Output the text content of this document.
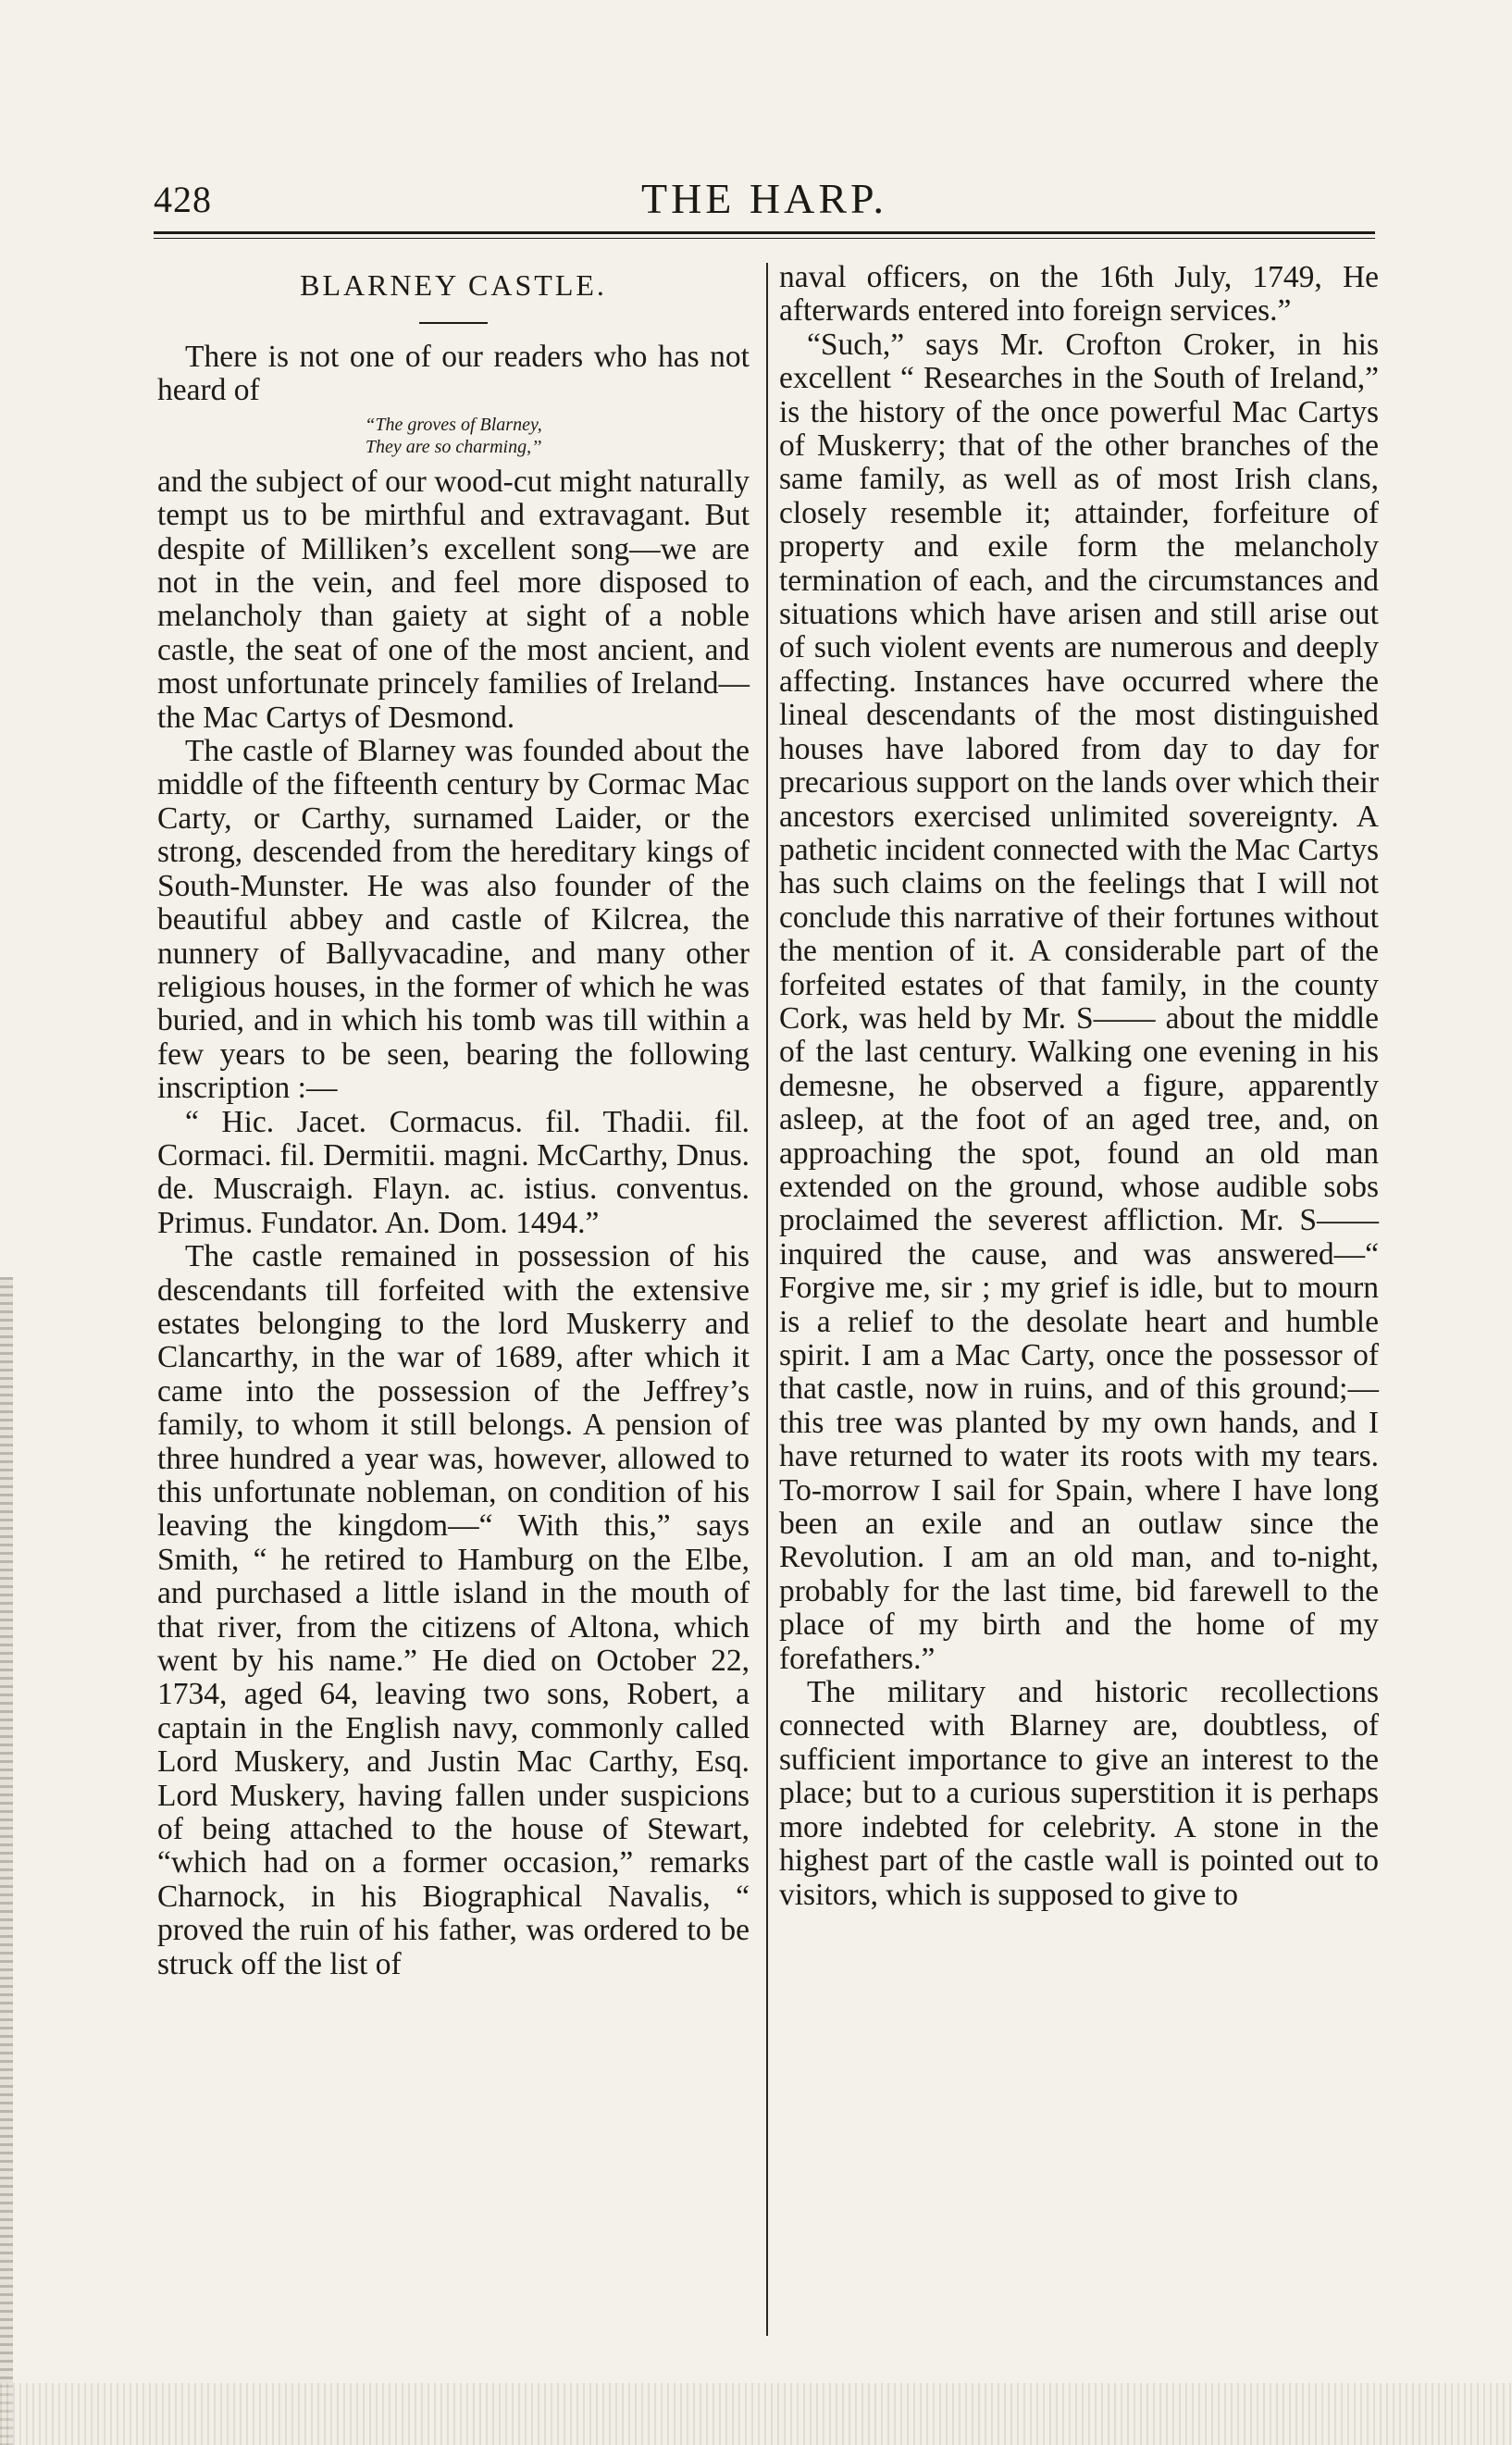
428	THE HARP.
BLARNEY CASTLE.

There is not one of our readers who has not heard of

“The groves of Blarney,
They are so charming,’’

and the subject of our wood-cut might naturally tempt us to be mirthful and extravagant. But despite of Milliken’s excellent song—we are not in the vein, and feel more disposed to melancholy than gaiety at sight of a noble castle, the seat of one of the most ancient, and most unfortunate princely families of Ireland—the Mac Cartys of Desmond.

The castle of Blarney was founded about the middle of the fifteenth century by Cormac Mac Carty, or Carthy, surnamed Laider, or the strong, descended from the hereditary kings of South-Munster. He was also founder of the beautiful abbey and castle of Kilcrea, the nunnery of Ballyvacadine, and many other religious houses, in the former of which he was buried, and in which his tomb was till within a few years to be seen, bearing the following inscription :—

“ Hic. Jacet. Cormacus. fil. Thadii. fil. Cormaci. fil. Dermitii. magni. McCarthy, Dnus. de. Muscraigh. Flayn. ac. istius. conventus. Primus. Fundator. An. Dom. 1494.”

The castle remained in possession of his descendants till forfeited with the extensive estates belonging to the lord Muskerry and Clancarthy, in the war of 1689, after which it came into the possession of the Jeffrey’s family, to whom it still belongs. A pension of three hundred a year was, however, allowed to this unfortunate nobleman, on condition of his leaving the kingdom—“ With this,” says Smith, “ he retired to Hamburg on the Elbe, and purchased a little island in the mouth of that river, from the citizens of Altona, which went by his name.” He died on October 22, 1734, aged 64, leaving two sons, Robert, a captain in the English navy, commonly called Lord Muskery, and Justin Mac Carthy, Esq. Lord Muskery, having fallen under suspicions of being attached to the house of Stewart, “which had on a former occasion,” remarks Charnock, in his Biographical Navalis, “ proved the ruin of his father, was ordered to be struck off the list of

naval officers, on the 16th July, 1749, He afterwards entered into foreign services.”

“Such,” says Mr. Crofton Croker, in his excellent “ Researches in the South of Ireland,” is the history of the once powerful Mac Cartys of Muskerry; that of the other branches of the same family, as well as of most Irish clans, closely resemble it; attainder, forfeiture of property and exile form the melancholy termination of each, and the circumstances and situations which have arisen and still arise out of such violent events are numerous and deeply affecting. Instances have occurred where the lineal descendants of the most distinguished houses have labored from day to day for precarious support on the lands over which their ancestors exercised unlimited sovereignty. A pathetic incident connected with the Mac Cartys has such claims on the feelings that I will not conclude this narrative of their fortunes without the mention of it. A considerable part of the forfeited estates of that family, in the county Cork, was held by Mr. S—— about the middle of the last century. Walking one evening in his demesne, he observed a figure, apparently asleep, at the foot of an aged tree, and, on approaching the spot, found an old man extended on the ground, whose audible sobs proclaimed the severest affliction. Mr. S—— inquired the cause, and was answered—“ Forgive me, sir ; my grief is idle, but to mourn is a relief to the desolate heart and humble spirit. I am a Mac Carty, once the possessor of that castle, now in ruins, and of this ground;—this tree was planted by my own hands, and I have returned to water its roots with my tears. To-morrow I sail for Spain, where I have long been an exile and an outlaw since the Revolution. I am an old man, and to-night, probably for the last time, bid farewell to the place of my birth and the home of my forefathers.”

The military and historic recollections connected with Blarney are, doubtless, of sufficient importance to give an interest to the place; but to a curious superstition it is perhaps more indebted for celebrity. A stone in the highest part of the castle wall is pointed out to visitors, which is supposed to give to
